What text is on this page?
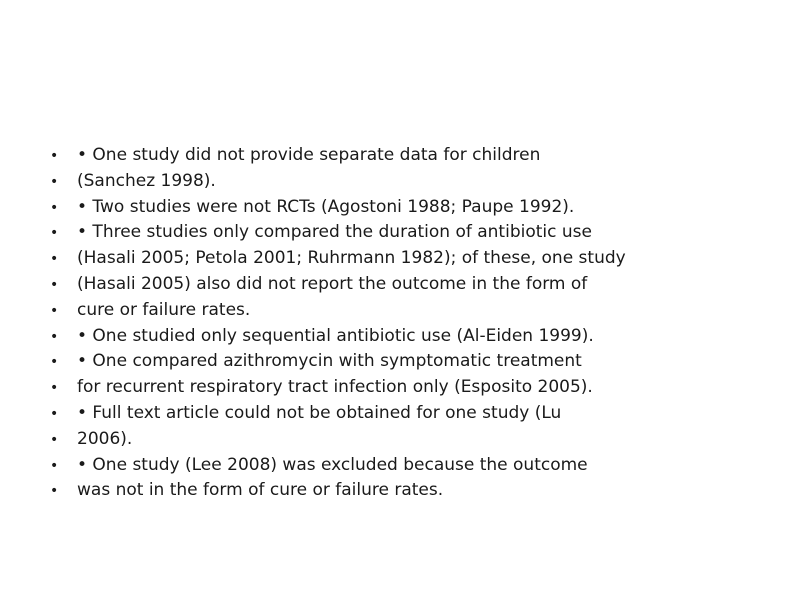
•	• One study did not provide separate data for children
•	(Sanchez 1998).
•	• Two studies were not RCTs (Agostoni 1988; Paupe 1992).
•	• Three studies only compared the duration of antibiotic use
•	(Hasali 2005; Petola 2001; Ruhrmann 1982); of these, one study
•	(Hasali 2005) also did not report the outcome in the form of
•	cure or failure rates.
•	• One studied only sequential antibiotic use (Al-Eiden 1999).
•	• One compared azithromycin with symptomatic treatment
•	for recurrent respiratory tract infection only (Esposito 2005).
•	• Full text article could not be obtained for one study (Lu
•	2006).
•	• One study (Lee 2008) was excluded because the outcome
•	was not in the form of cure or failure rates.
